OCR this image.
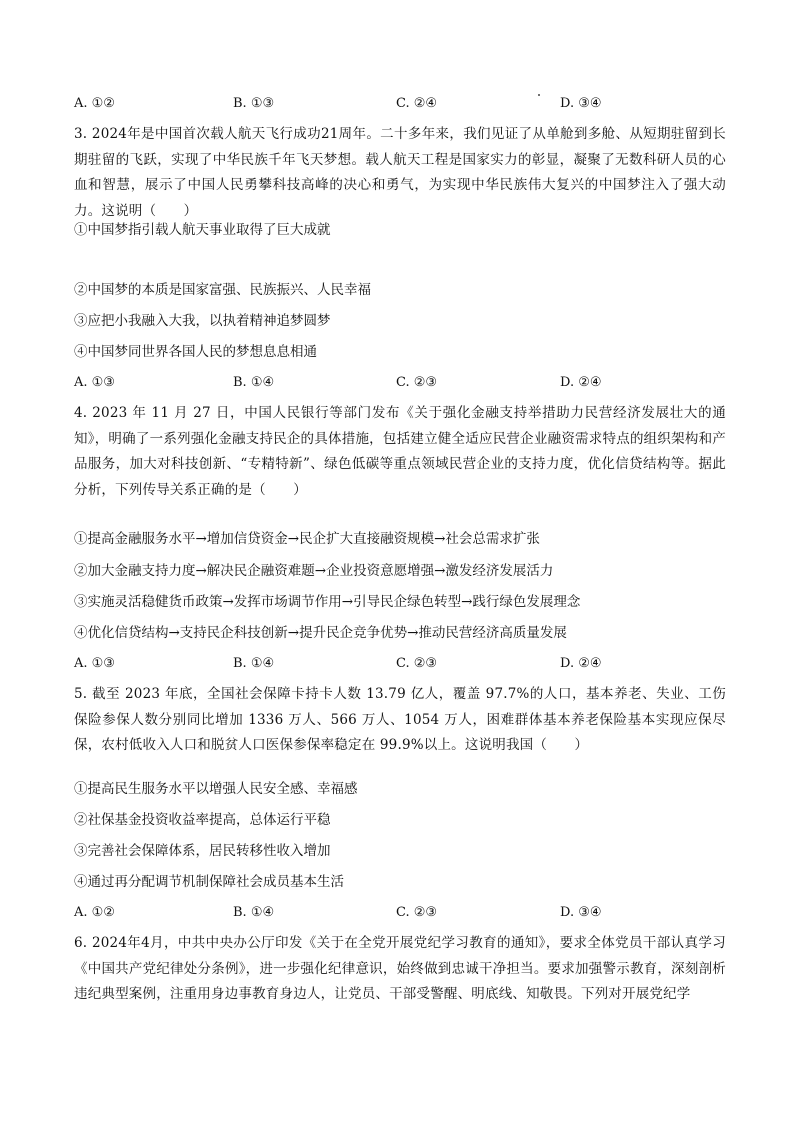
A. ①②	B. ①③	C. ②④	D. ③④
3. 2024年是中国首次载人航天飞行成功21周年。二十多年来，我们见证了从单舱到多舱、从短期驻留到长期驻留的飞跃，实现了中华民族千年飞天梦想。载人航天工程是国家实力的彰显，凝聚了无数科研人员的心血和智慧，展示了中国人民勇攀科技高峰的决心和勇气，为实现中华民族伟大复兴的中国梦注入了强大动力。这说明（　　）
①中国梦指引载人航天事业取得了巨大成就
②中国梦的本质是国家富强、民族振兴、人民幸福
③应把小我融入大我，以执着精神追梦圆梦
④中国梦同世界各国人民的梦想息息相通
A. ①③	B. ①④	C. ②③	D. ②④
4. 2023 年 11 月 27 日，中国人民银行等部门发布《关于强化金融支持举措助力民营经济发展壮大的通知》，明确了一系列强化金融支持民企的具体措施，包括建立健全适应民营企业融资需求特点的组织架构和产品服务，加大对科技创新、“专精特新”、绿色低碳等重点领域民营企业的支持力度，优化信贷结构等。据此分析，下列传导关系正确的是（　　）
①提高金融服务水平→增加信贷资金→民企扩大直接融资规模→社会总需求扩张
②加大金融支持力度→解决民企融资难题→企业投资意愿增强→激发经济发展活力
③实施灵活稳健货币政策→发挥市场调节作用→引导民企绿色转型→践行绿色发展理念
④优化信贷结构→支持民企科技创新→提升民企竞争优势→推动民营经济高质量发展
A. ①③	B. ①④	C. ②③	D. ②④
5. 截至 2023 年底，全国社会保障卡持卡人数 13.79 亿人，覆盖 97.7%的人口，基本养老、失业、工伤保险参保人数分别同比增加 1336 万人、566 万人、1054 万人，困难群体基本养老保险基本实现应保尽保，农村低收入人口和脱贫人口医保参保率稳定在 99.9%以上。这说明我国（　　）
①提高民生服务水平以增强人民安全感、幸福感
②社保基金投资收益率提高，总体运行平稳
③完善社会保障体系，居民转移性收入增加
④通过再分配调节机制保障社会成员基本生活
A. ①②	B. ①④	C. ②③	D. ③④
6. 2024年4月，中共中央办公厅印发《关于在全党开展党纪学习教育的通知》，要求全体党员干部认真学习《中国共产党纪律处分条例》，进一步强化纪律意识，始终做到忠诚干净担当。要求加强警示教育，深刻剖析违纪典型案例，注重用身边事教育身边人，让党员、干部受警醒、明底线、知敬畏。下列对开展党纪学
